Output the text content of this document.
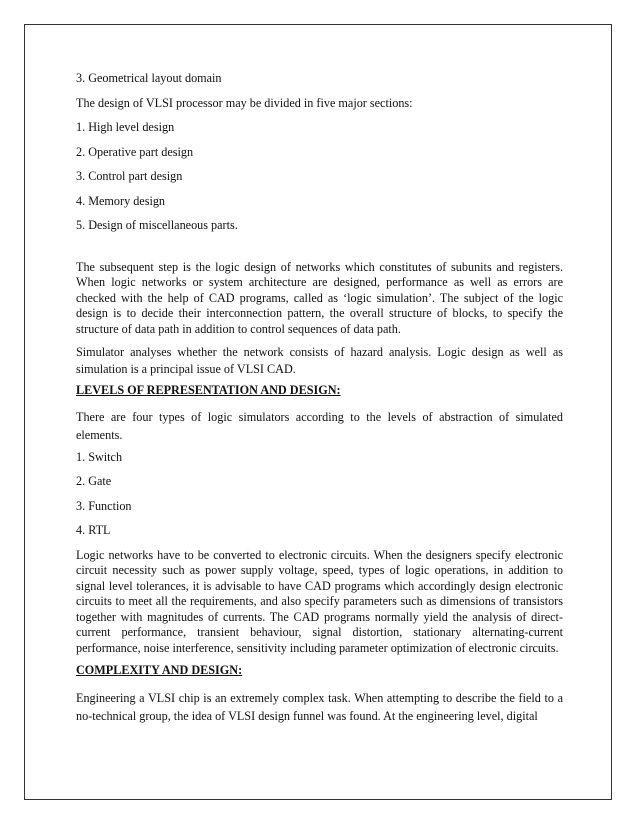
3. Geometrical layout domain

The design of VLSI processor may be divided in five major sections:

1. High level design

2. Operative part design

3. Control part design

4. Memory design

5. Design of miscellaneous parts.

The subsequent step is the logic design of networks which constitutes of subunits and registers. When logic networks or system architecture are designed, performance as well as errors are checked with the help of CAD programs, called as ‘logic simulation’. The subject of the logic design is to decide their interconnection pattern, the overall structure of blocks, to specify the structure of data path in addition to control sequences of data path.

Simulator analyses whether the network consists of hazard analysis. Logic design as well as simulation is a principal issue of VLSI CAD.

LEVELS OF REPRESENTATION AND DESIGN:

There are four types of logic simulators according to the levels of abstraction of simulated elements.

1. Switch

2. Gate

3. Function

4. RTL

Logic networks have to be converted to electronic circuits. When the designers specify electronic circuit necessity such as power supply voltage, speed, types of logic operations, in addition to signal level tolerances, it is advisable to have CAD programs which accordingly design electronic circuits to meet all the requirements, and also specify parameters such as dimensions of transistors together with magnitudes of currents. The CAD programs normally yield the analysis of direct-current performance, transient behaviour, signal distortion, stationary alternating-current performance, noise interference, sensitivity including parameter optimization of electronic circuits.

COMPLEXITY AND DESIGN:

Engineering a VLSI chip is an extremely complex task. When attempting to describe the field to a no-technical group, the idea of VLSI design funnel was found. At the engineering level, digital
